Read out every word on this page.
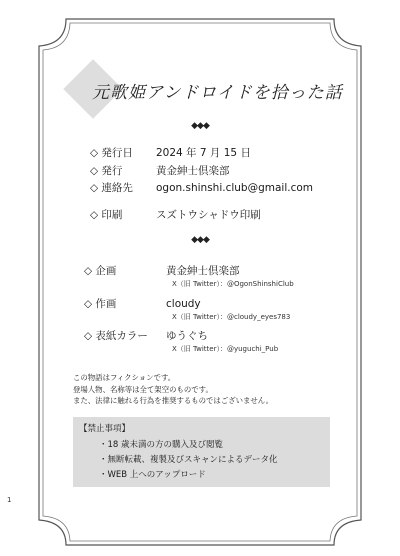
元歌姫アンドロイドを拾った話
◆◆◆
◇ 発行日 2024 年 7 月 15 日
◇ 発行	黄金紳士倶楽部
◇ 連絡先 ogon.shinshi.club@gmail.com
◇ 印刷	スズトウシャドウ印刷
◆◆◆
◇ 企画	黄金紳士倶楽部
X（旧 Twitter）：@OgonShinshiClub
◇ 作画	cloudy
X（旧 Twitter）：@cloudy_eyes783
◇ 表紙カラー ゆうぐち
X（旧 Twitter）：@yuguchi_Pub
この物語はフィクションです。
登場人物、名称等は全て架空のものです。
また、法律に触れる行為を推奨するものではございません。
【禁止事項】
・18 歳未満の方の購入及び閲覧
・無断転載、複製及びスキャンによるデータ化
・WEB 上へのアップロード
1
